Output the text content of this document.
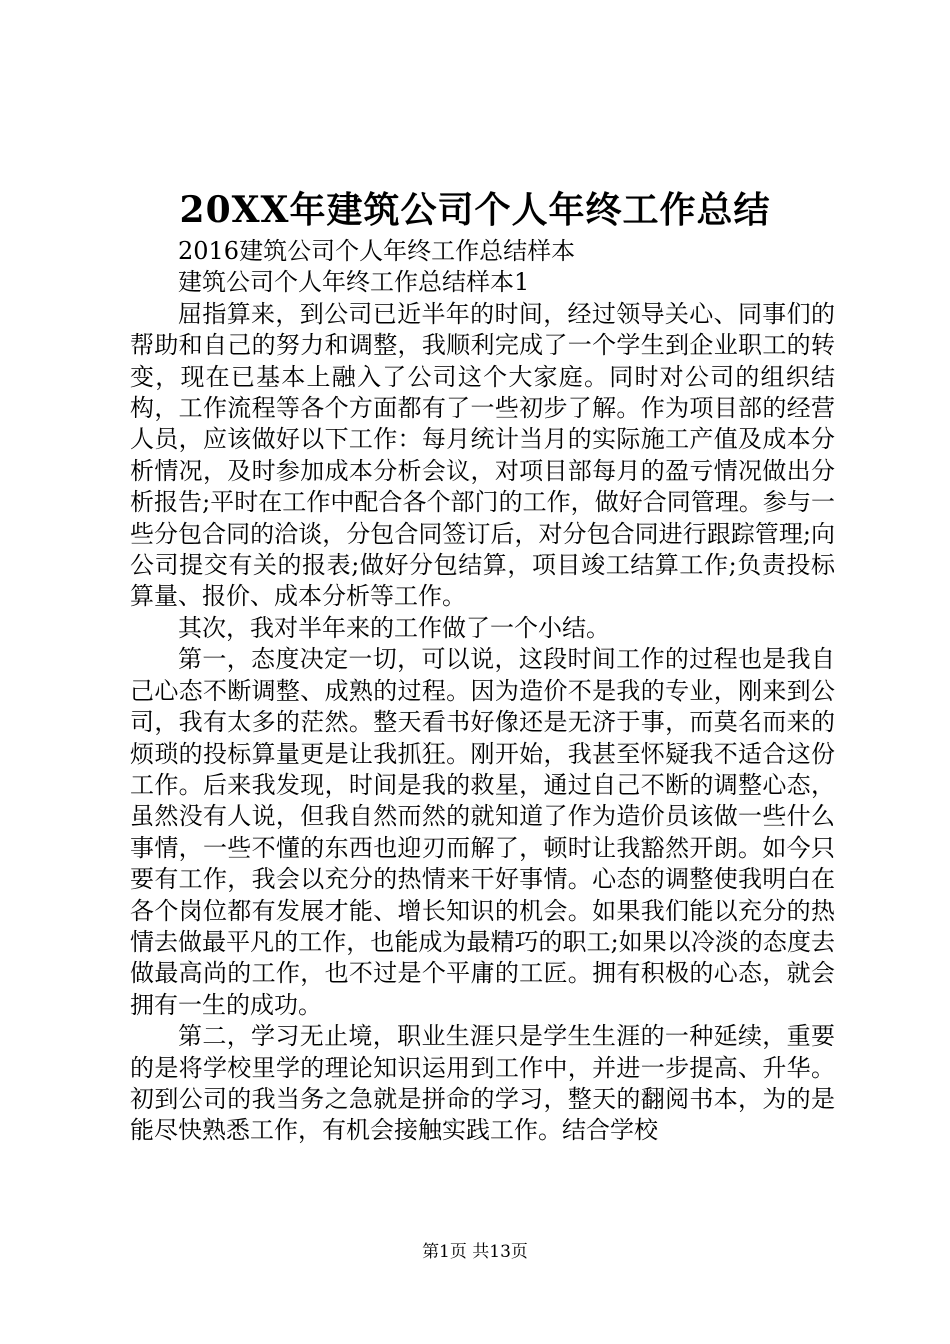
20XX年建筑公司个人年终工作总结

2016建筑公司个人年终工作总结样本

建筑公司个人年终工作总结样本1

屈指算来，到公司已近半年的时间，经过领导关心、同事们的帮助和自己的努力和调整，我顺利完成了一个学生到企业职工的转变，现在已基本上融入了公司这个大家庭。同时对公司的组织结构，工作流程等各个方面都有了一些初步了解。作为项目部的经营人员，应该做好以下工作：每月统计当月的实际施工产值及成本分析情况，及时参加成本分析会议，对项目部每月的盈亏情况做出分析报告;平时在工作中配合各个部门的工作，做好合同管理。参与一些分包合同的洽谈，分包合同签订后，对分包合同进行跟踪管理;向公司提交有关的报表;做好分包结算，项目竣工结算工作;负责投标算量、报价、成本分析等工作。

其次，我对半年来的工作做了一个小结。

第一，态度决定一切，可以说，这段时间工作的过程也是我自己心态不断调整、成熟的过程。因为造价不是我的专业，刚来到公司，我有太多的茫然。整天看书好像还是无济于事，而莫名而来的烦琐的投标算量更是让我抓狂。刚开始，我甚至怀疑我不适合这份工作。后来我发现，时间是我的救星，通过自己不断的调整心态，虽然没有人说，但我自然而然的就知道了作为造价员该做一些什么事情，一些不懂的东西也迎刃而解了，顿时让我豁然开朗。如今只要有工作，我会以充分的热情来干好事情。心态的调整使我明白在各个岗位都有发展才能、增长知识的机会。如果我们能以充分的热情去做最平凡的工作，也能成为最精巧的职工;如果以冷淡的态度去做最高尚的工作，也不过是个平庸的工匠。拥有积极的心态，就会拥有一生的成功。

第二，学习无止境，职业生涯只是学生生涯的一种延续，重要的是将学校里学的理论知识运用到工作中，并进一步提高、升华。初到公司的我当务之急就是拼命的学习，整天的翻阅书本，为的是能尽快熟悉工作，有机会接触实践工作。结合学校

第1页 共13页
